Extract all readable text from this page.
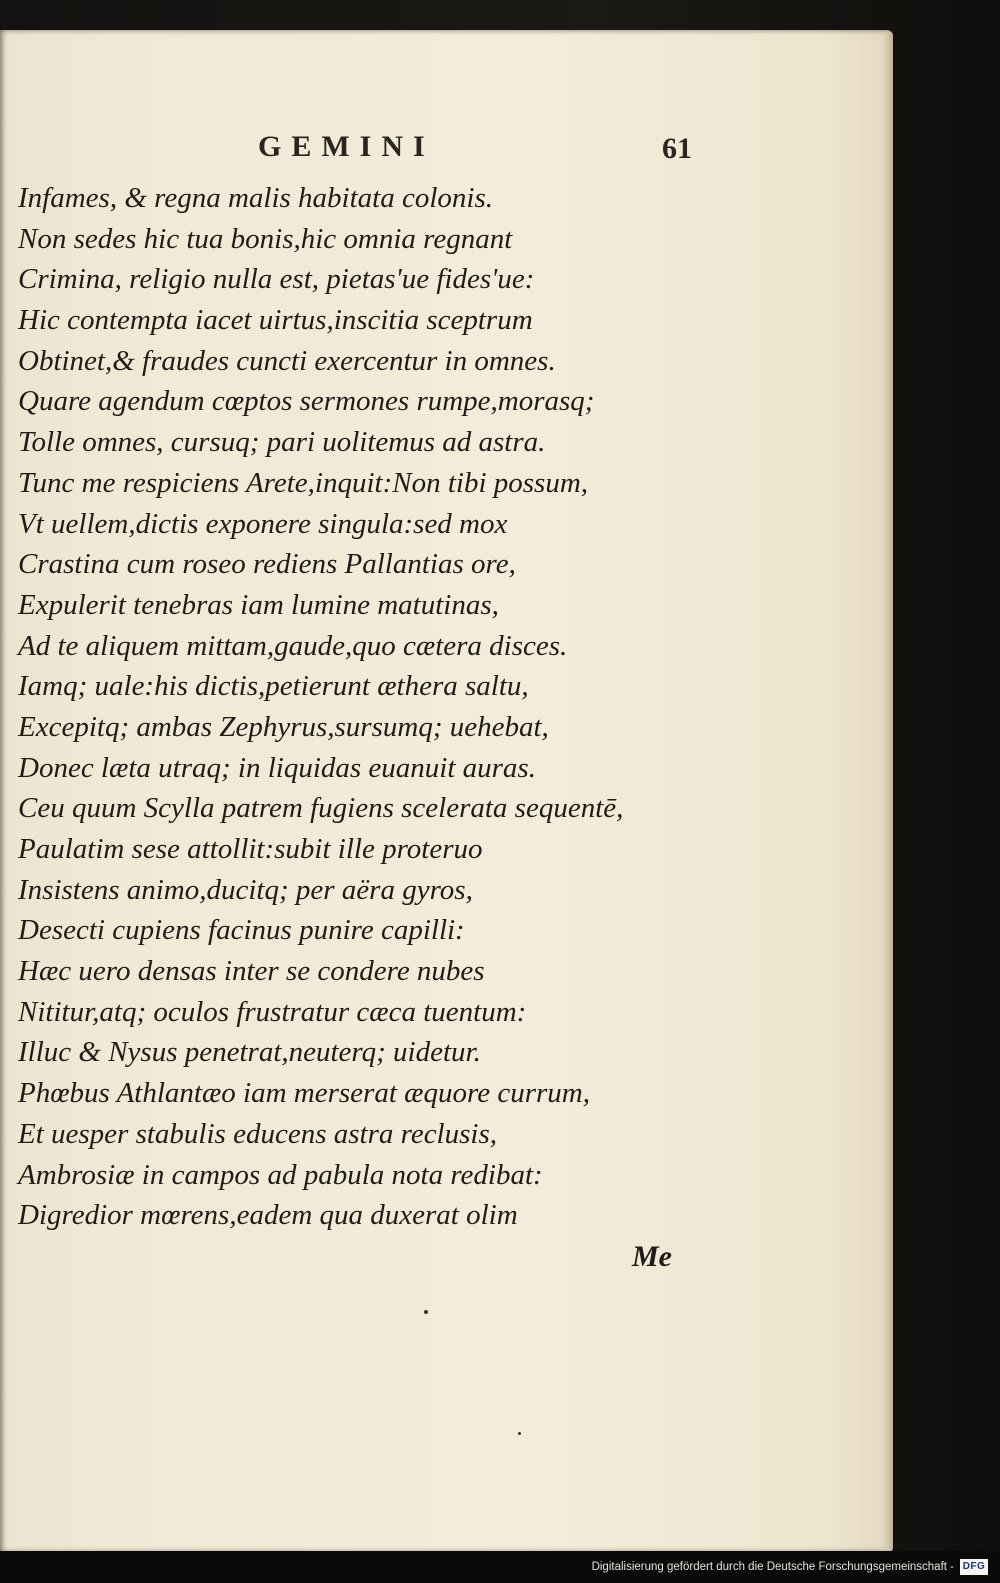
GEMINI	61
Infames, & regna malis habitata colonis.
Non sedes hic tua bonis,hic omnia regnant
Crimina, religio nulla est, pietas'ue fides'ue:
Hic contempta iacet uirtus,inscitia sceptrum
Obtinet,& fraudes cuncti exercentur in omnes.
Quare agendum cœptos sermones rumpe,morasq;
Tolle omnes, cursuq; pari uolitemus ad astra.
Tunc me respiciens Arete,inquit:Non tibi possum,
Vt uellem,dictis exponere singula:sed mox
Crastina cum roseo rediens Pallantias ore,
Expulerit tenebras iam lumine matutinas,
Ad te aliquem mittam,gaude,quo cætera disces.
Iamq; uale:his dictis,petierunt æthera saltu,
Excepitq; ambas Zephyrus,sursumq; uehebat,
Donec læta utraq; in liquidas euanuit auras.
Ceu quum Scylla patrem fugiens scelerata sequentē,
Paulatim sese attollit:subit ille proteruo
Insistens animo,ducitq; per aëra gyros,
Desecti cupiens facinus punire capilli:
Hæc uero densas inter se condere nubes
Nititur,atq; oculos frustratur cæca tuentum:
Illuc & Nysus penetrat,neuterq; uidetur.
Phœbus Athlantæo iam merserat æquore currum,
Et uesper stabulis educens astra reclusis,
Ambrosiæ in campos ad pabula nota redibat:
Digredior mœrens,eadem qua duxerat olim
Me
Digitalisierung gefördert durch die Deutsche Forschungsgemeinschaft - DFG
